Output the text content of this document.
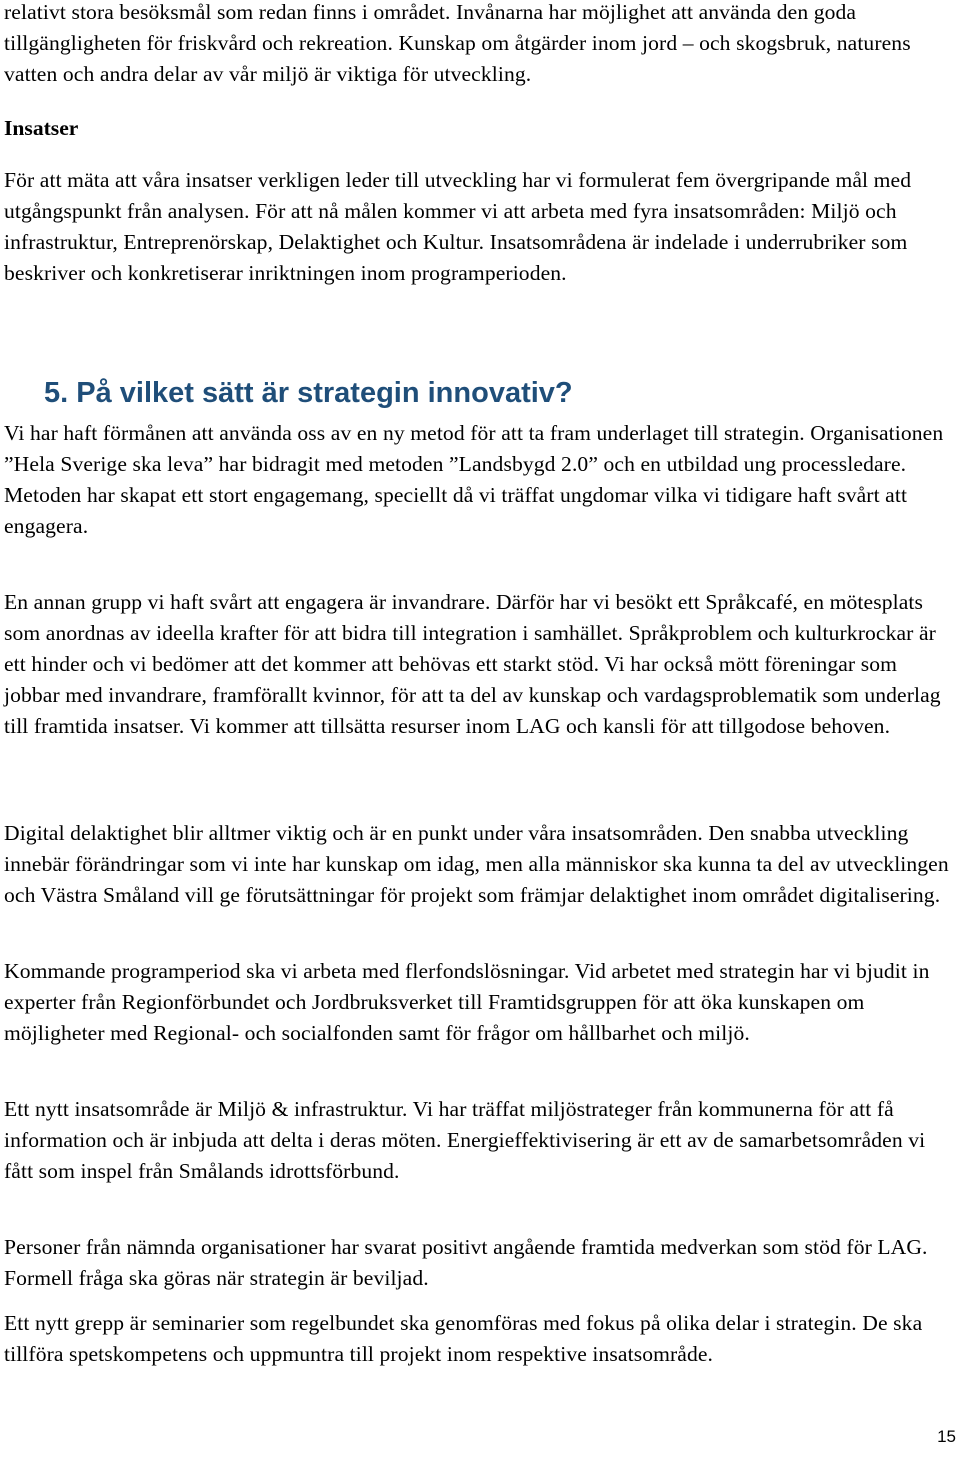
relativt stora besöksmål som redan finns i området. Invånarna har möjlighet att använda den goda tillgängligheten för friskvård och rekreation. Kunskap om åtgärder inom jord – och skogsbruk, naturens vatten och andra delar av vår miljö är viktiga för utveckling.

Insatser

För att mäta att våra insatser verkligen leder till utveckling har vi formulerat fem övergripande mål med utgångspunkt från analysen. För att nå målen kommer vi att arbeta med fyra insatsområden: Miljö och infrastruktur, Entreprenörskap, Delaktighet och Kultur. Insatsområdena är indelade i underrubriker som beskriver och konkretiserar inriktningen inom programperioden.

5. På vilket sätt är strategin innovativ?

Vi har haft förmånen att använda oss av en ny metod för att ta fram underlaget till strategin. Organisationen ”Hela Sverige ska leva” har bidragit med metoden ”Landsbygd 2.0” och en utbildad ung processledare. Metoden har skapat ett stort engagemang, speciellt då vi träffat ungdomar vilka vi tidigare haft svårt att engagera.

En annan grupp vi haft svårt att engagera är invandrare. Därför har vi besökt ett Språkcafé, en mötesplats som anordnas av ideella krafter för att bidra till integration i samhället. Språkproblem och kulturkrockar är ett hinder och vi bedömer att det kommer att behövas ett starkt stöd. Vi har också mött föreningar som jobbar med invandrare, framförallt kvinnor, för att ta del av kunskap och vardagsproblematik som underlag till framtida insatser. Vi kommer att tillsätta resurser inom LAG och kansli för att tillgodose behoven.

Digital delaktighet blir alltmer viktig och är en punkt under våra insatsområden. Den snabba utveckling innebär förändringar som vi inte har kunskap om idag, men alla människor ska kunna ta del av utvecklingen och Västra Småland vill ge förutsättningar för projekt som främjar delaktighet inom området digitalisering.

Kommande programperiod ska vi arbeta med flerfondslösningar. Vid arbetet med strategin har vi bjudit in experter från Regionförbundet och Jordbruksverket till Framtidsgruppen för att öka kunskapen om möjligheter med Regional- och socialfonden samt för frågor om hållbarhet och miljö.

Ett nytt insatsområde är Miljö & infrastruktur. Vi har träffat miljöstrateger från kommunerna för att få information och är inbjuda att delta i deras möten. Energieffektivisering är ett av de samarbetsområden vi fått som inspel från Smålands idrottsförbund.

Personer från nämnda organisationer har svarat positivt angående framtida medverkan som stöd för LAG. Formell fråga ska göras när strategin är beviljad.

Ett nytt grepp är seminarier som regelbundet ska genomföras med fokus på olika delar i strategin. De ska tillföra spetskompetens och uppmuntra till projekt inom respektive insatsområde.

15
